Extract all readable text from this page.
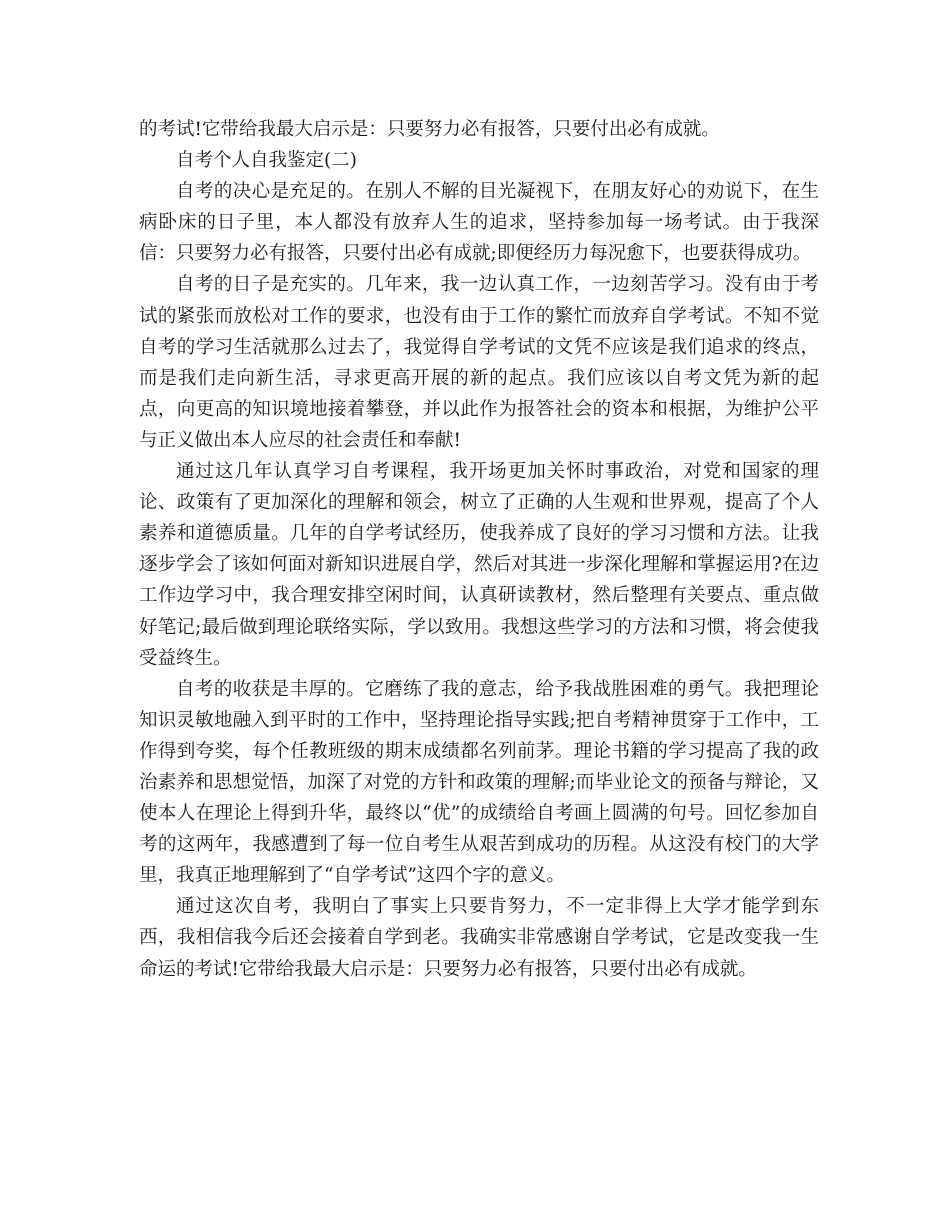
的考试!它带给我最大启示是：只要努力必有报答，只要付出必有成就。

自考个人自我鉴定(二)

自考的决心是充足的。在别人不解的目光凝视下，在朋友好心的劝说下，在生病卧床的日子里，本人都没有放弃人生的追求，坚持参加每一场考试。由于我深信：只要努力必有报答，只要付出必有成就;即便经历力每况愈下，也要获得成功。

自考的日子是充实的。几年来，我一边认真工作，一边刻苦学习。没有由于考试的紧张而放松对工作的要求，也没有由于工作的繁忙而放弃自学考试。不知不觉自考的学习生活就那么过去了，我觉得自学考试的文凭不应该是我们追求的终点，而是我们走向新生活，寻求更高开展的新的起点。我们应该以自考文凭为新的起点，向更高的知识境地接着攀登，并以此作为报答社会的资本和根据，为维护公平与正义做出本人应尽的社会责任和奉献!

通过这几年认真学习自考课程，我开场更加关怀时事政治，对党和国家的理论、政策有了更加深化的理解和领会，树立了正确的人生观和世界观，提高了个人素养和道德质量。几年的自学考试经历，使我养成了良好的学习习惯和方法。让我逐步学会了该如何面对新知识进展自学，然后对其进一步深化理解和掌握运用?在边工作边学习中，我合理安排空闲时间，认真研读教材，然后整理有关要点、重点做好笔记;最后做到理论联络实际，学以致用。我想这些学习的方法和习惯，将会使我受益终生。

自考的收获是丰厚的。它磨练了我的意志，给予我战胜困难的勇气。我把理论知识灵敏地融入到平时的工作中，坚持理论指导实践;把自考精神贯穿于工作中，工作得到夸奖，每个任教班级的期末成绩都名列前茅。理论书籍的学习提高了我的政治素养和思想觉悟，加深了对党的方针和政策的理解;而毕业论文的预备与辩论，又使本人在理论上得到升华，最终以“优”的成绩给自考画上圆满的句号。回忆参加自考的这两年，我感遭到了每一位自考生从艰苦到成功的历程。从这没有校门的大学里，我真正地理解到了“自学考试”这四个字的意义。

通过这次自考，我明白了事实上只要肯努力，不一定非得上大学才能学到东西，我相信我今后还会接着自学到老。我确实非常感谢自学考试，它是改变我一生命运的考试!它带给我最大启示是：只要努力必有报答，只要付出必有成就。
